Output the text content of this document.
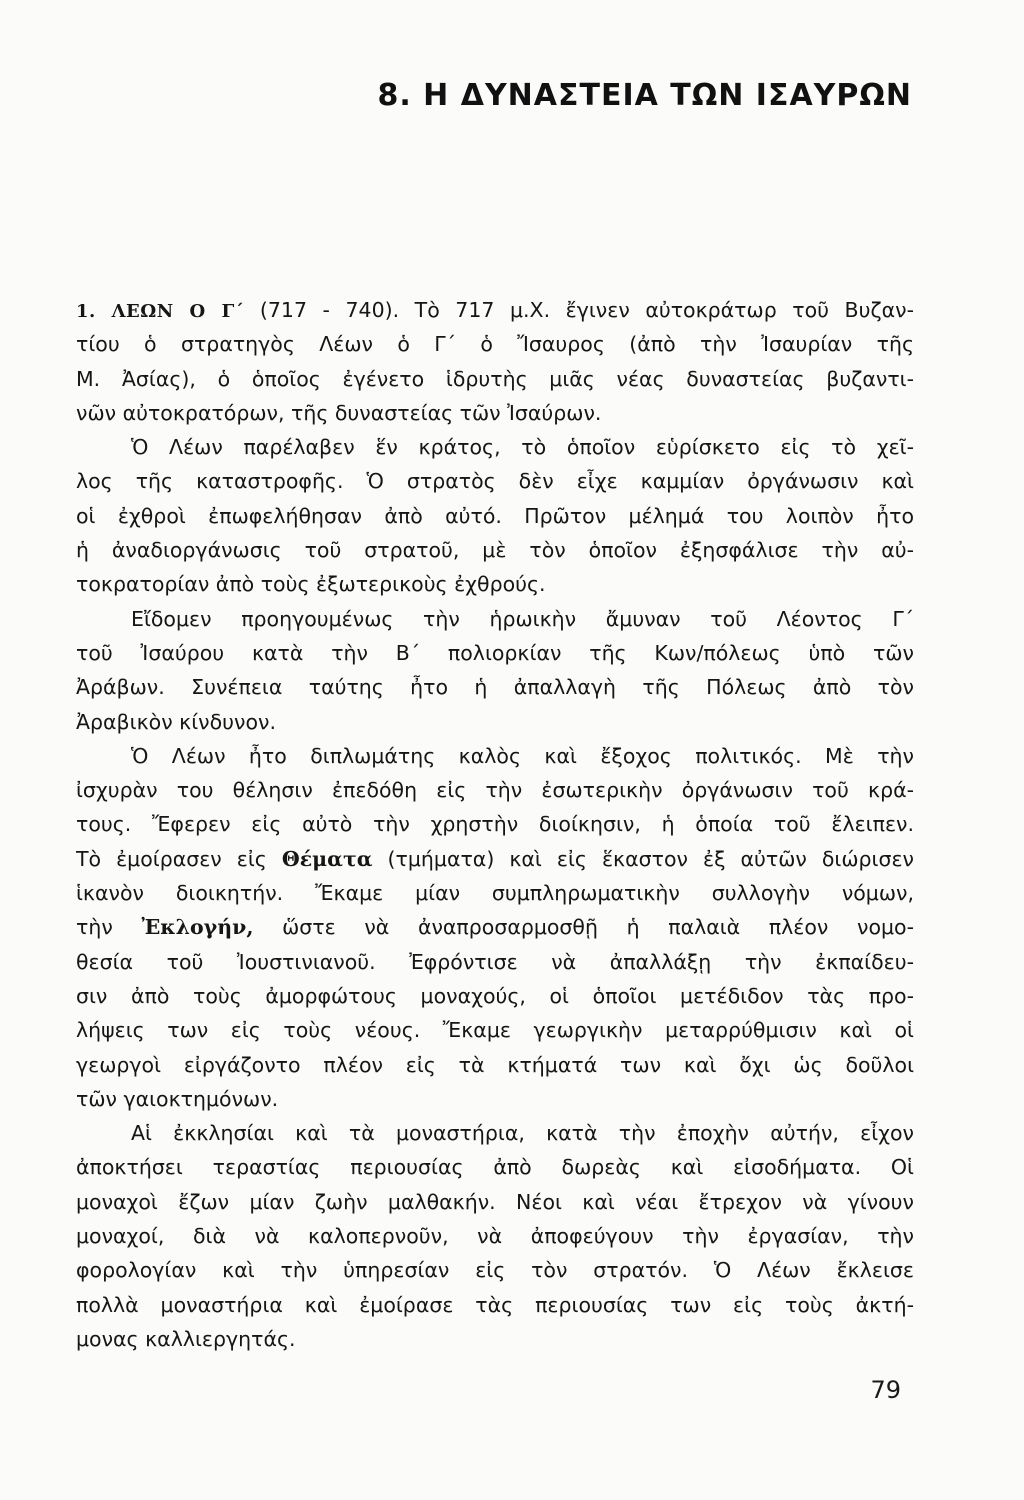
8. Η ΔΥΝΑΣΤΕΙΑ ΤΩΝ ΙΣΑΥΡΩΝ
1. ΛΕΩΝ Ο Γ΄ (717 - 740). Τὸ 717 μ.Χ. ἔγινεν αὐτοκράτωρ τοῦ Βυζαν-
τίου ὁ στρατηγὸς Λέων ὁ Γ΄ ὁ Ἴσαυρος (ἀπὸ τὴν Ἰσαυρίαν τῆς
Μ. Ἀσίας), ὁ ὁποῖος ἐγένετο ἱδρυτὴς μιᾶς νέας δυναστείας βυζαντι-
νῶν αὐτοκρατόρων, τῆς δυναστείας τῶν Ἰσαύρων.
Ὁ Λέων παρέλαβεν ἕν κράτος, τὸ ὁποῖον εὑρίσκετο εἰς τὸ χεῖ-
λος τῆς καταστροφῆς. Ὁ στρατὸς δὲν εἶχε καμμίαν ὀργάνωσιν καὶ
οἱ ἐχθροὶ ἐπωφελήθησαν ἀπὸ αὐτό. Πρῶτον μέλημά του λοιπὸν ἦτο
ἡ ἀναδιοργάνωσις τοῦ στρατοῦ, μὲ τὸν ὁποῖον ἐξησφάλισε τὴν αὐ-
τοκρατορίαν ἀπὸ τοὺς ἐξωτερικοὺς ἐχθρούς.
Εἴδομεν προηγουμένως τὴν ἡρωικὴν ἄμυναν τοῦ Λέοντος Γ΄
τοῦ Ἰσαύρου κατὰ τὴν Β΄ πολιορκίαν τῆς Κων/πόλεως ὑπὸ τῶν
Ἀράβων. Συνέπεια ταύτης ἦτο ἡ ἀπαλλαγὴ τῆς Πόλεως ἀπὸ τὸν
Ἀραβικὸν κίνδυνον.
Ὁ Λέων ἦτο διπλωμάτης καλὸς καὶ ἔξοχος πολιτικός. Μὲ τὴν
ἰσχυρὰν του θέλησιν ἐπεδόθη εἰς τὴν ἐσωτερικὴν ὀργάνωσιν τοῦ κρά-
τους. Ἔφερεν εἰς αὐτὸ τὴν χρηστὴν διοίκησιν, ἡ ὁποία τοῦ ἔλειπεν.
Τὸ ἐμοίρασεν εἰς Θέματα (τμήματα) καὶ εἰς ἕκαστον ἐξ αὐτῶν διώρισεν
ἱκανὸν διοικητήν. Ἔκαμε μίαν συμπληρωματικὴν συλλογὴν νόμων,
τὴν Ἐκλογήν, ὥστε νὰ ἀναπροσαρμοσθῇ ἡ παλαιὰ πλέον νομο-
θεσία τοῦ Ἰουστινιανοῦ. Ἐφρόντισε νὰ ἀπαλλάξῃ τὴν ἐκπαίδευ-
σιν ἀπὸ τοὺς ἀμορφώτους μοναχούς, οἱ ὁποῖοι μετέδιδον τὰς προ-
λήψεις των εἰς τοὺς νέους. Ἔκαμε γεωργικὴν μεταρρύθμισιν καὶ οἱ
γεωργοὶ εἰργάζοντο πλέον εἰς τὰ κτήματά των καὶ ὄχι ὡς δοῦλοι
τῶν γαιοκτημόνων.
Αἱ ἐκκλησίαι καὶ τὰ μοναστήρια, κατὰ τὴν ἐποχὴν αὐτήν, εἶχον
ἀποκτήσει τεραστίας περιουσίας ἀπὸ δωρεὰς καὶ εἰσοδήματα. Οἱ
μοναχοὶ ἔζων μίαν ζωὴν μαλθακήν. Νέοι καὶ νέαι ἔτρεχον νὰ γίνουν
μοναχοί, διὰ νὰ καλοπερνοῦν, νὰ ἀποφεύγουν τὴν ἐργασίαν, τὴν
φορολογίαν καὶ τὴν ὑπηρεσίαν εἰς τὸν στρατόν. Ὁ Λέων ἔκλεισε
πολλὰ μοναστήρια καὶ ἐμοίρασε τὰς περιουσίας των εἰς τοὺς ἀκτή-
μονας καλλιεργητάς.
79
